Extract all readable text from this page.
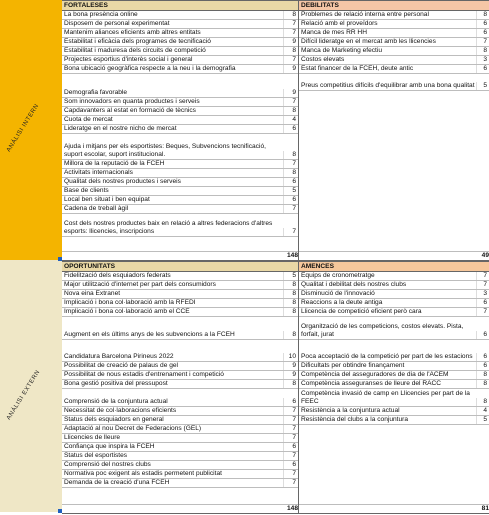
ANÀLISI INTERN
ANÀLISI EXTERN
FORTALESES
La bona presència online	8
Disposem de personal experimentat	7
Mantenim aliances eficients amb altres entitats	7
Estabilitat i eficàcia dels programes de tecnificació	9
Estabilitat i maduresa dels circuits de competició	8
Projectes esportius d'interès social i general	7
Bona ubicació geogràfica respecte a la neu i la demografia	9
Demografia favorable	9
Som innovadors en quanta productes i serveis	7
Capdavanters al estat en formació de tècnics	8
Cuota de mercat	4
Lideratge en el nostre nicho de mercat	6
Ajuda i mitjans per els esportistes: Beques, Subvencions tecnificació, suport escolar, suport institucional.	8
Millora de la reputació de la FCEH	7
Activitats internacionals	8
Qualitat dels nostres productes i serveis	6
Base de clients	5
Local ben situat i ben equipat	6
Cadena de treball àgil	7
Cost dels nostres productes baix en relació a altres federacions d'altres esports: llicencies, inscripcions	7
148
DEBILITATS
Problemes de relació interna entre personal	8
Relació amb el proveïdors	6
Manca de mes RR HH	6
Difícil lideratge en el mercat amb les llicencies	7
Manca de Marketing efectiu	8
Costos elevats	3
Estat financer de la FCEH, deute antic	6
Preus competitius difícils d'equilibrar amb una bona qualitat	5
49
OPORTUNITATS
Fidelització dels esquiadors federats	5
Major utilització d'internet per part dels consumidors	8
Nova eina Extranet	8
Implicació i bona col·laboració amb la RFEDI	8
Implicació i bona col·laboració amb el CCE	8
Augment en els últims anys de les subvencions a la FCEH	8
Candidatura Barcelona Pirineus 2022	10
Possibilitat de creació de palaus de gel	9
Possibilitat de nous estadis d'entrenament i competició	9
Bona gestió positiva del pressupost	8
Comprensió de la conjuntura actual	6
Necessitat de col·laboracions eficients	7
Status dels esquiadors en general	7
Adaptació al nou Decret de Federacions (GEL)	7
Llicencies de lleure	7
Confiança que inspira la FCEH	6
Status del esportistes	7
Comprensió del nostres clubs	6
Normativa poc exigent als estadis permetent publicitat	7
Demanda de la creació d'una FCEH	7
148
AMENCES
Equips de cronometratge	7
Qualitat i debilitat dels nostres clubs	7
Disminució de l'innovació	3
Reaccions a la deute antiga	6
Llicencia de competició eficient però cara	7
Organització de les competicions, costos elevats. Pista, forfait, jurat	6
Poca acceptació de la competició per part de les estacions	6
Dificultats per obtindre finançament	6
Competència del asseguradores de dia de l'ACEM	8
Competència asseguranses de lleure del RACC	8
Competència invasió de camp en Llicencies per part de la FEEC	8
Resistència a la conjuntura actual	4
Resistència del clubs a la conjuntura	5
81
